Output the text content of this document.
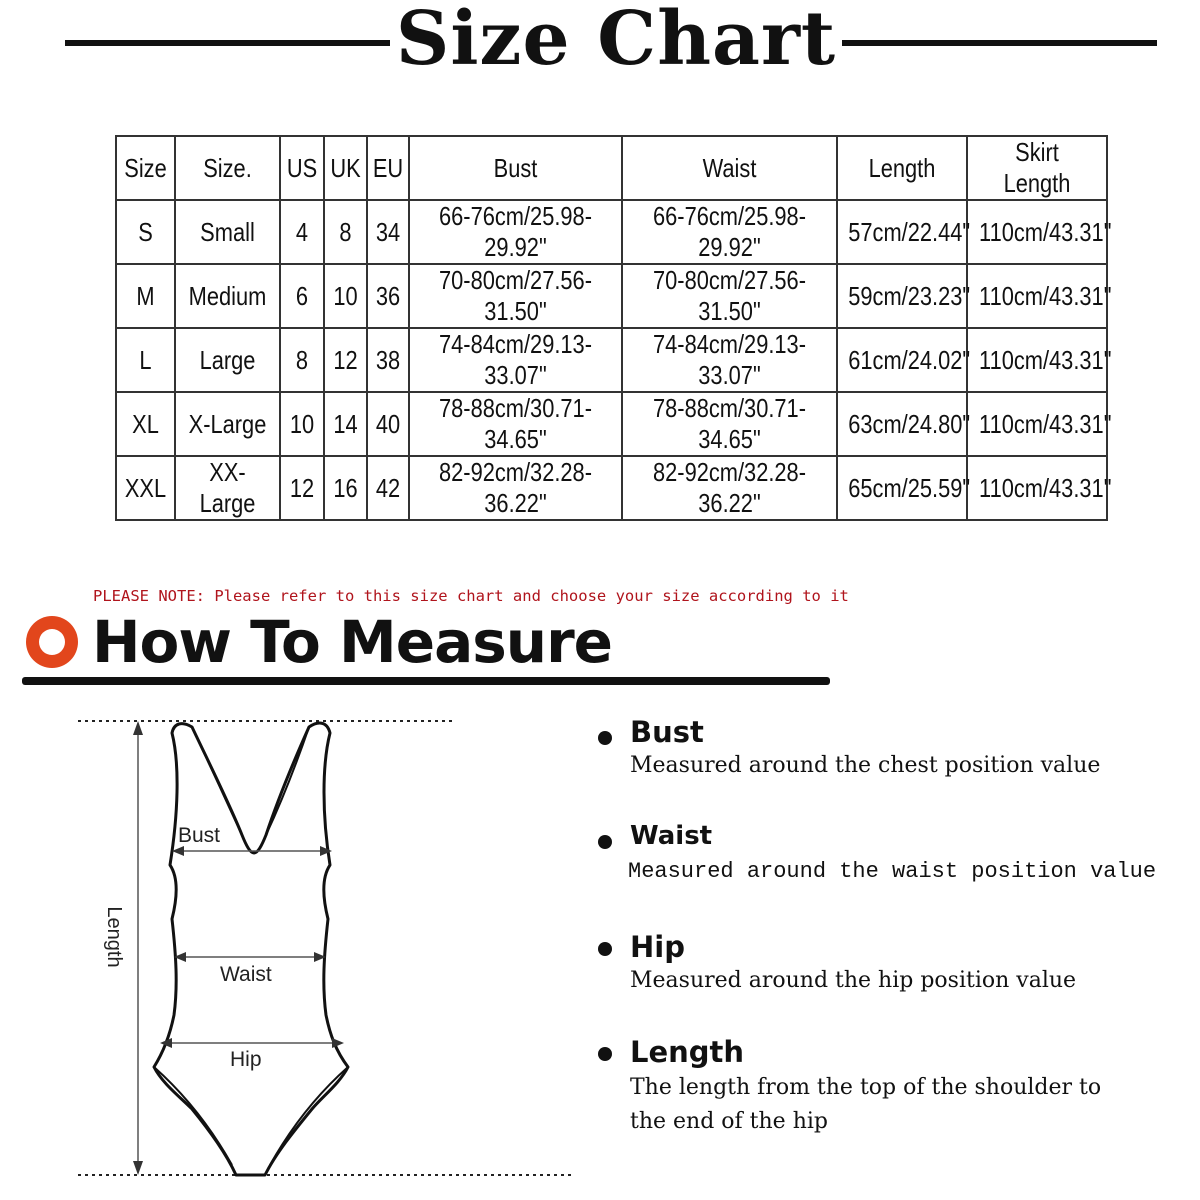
Size Chart
Size	Size.	US	UK	EU	Bust	Waist	Length	Skirt Length
S	Small	4	8	34	66-76cm/25.98-29.92"	66-76cm/25.98-29.92"	57cm/22.44"	110cm/43.31"
M	Medium	6	10	36	70-80cm/27.56-31.50"	70-80cm/27.56-31.50"	59cm/23.23"	110cm/43.31"
L	Large	8	12	38	74-84cm/29.13-33.07"	74-84cm/29.13-33.07"	61cm/24.02"	110cm/43.31"
XL	X-Large	10	14	40	78-88cm/30.71-34.65"	78-88cm/30.71-34.65"	63cm/24.80"	110cm/43.31"
XXL	XX-Large	12	16	42	82-92cm/32.28-36.22"	82-92cm/32.28-36.22"	65cm/25.59"	110cm/43.31"
PLEASE NOTE: Please refer to this size chart and choose your size according to it
How To Measure
Length
Bust
Waist
Hip
Bust
Measured around the chest position value
Waist
Measured around the waist position value
Hip
Measured around the hip position value
Length
The length from the top of the shoulder to
the end of the hip
